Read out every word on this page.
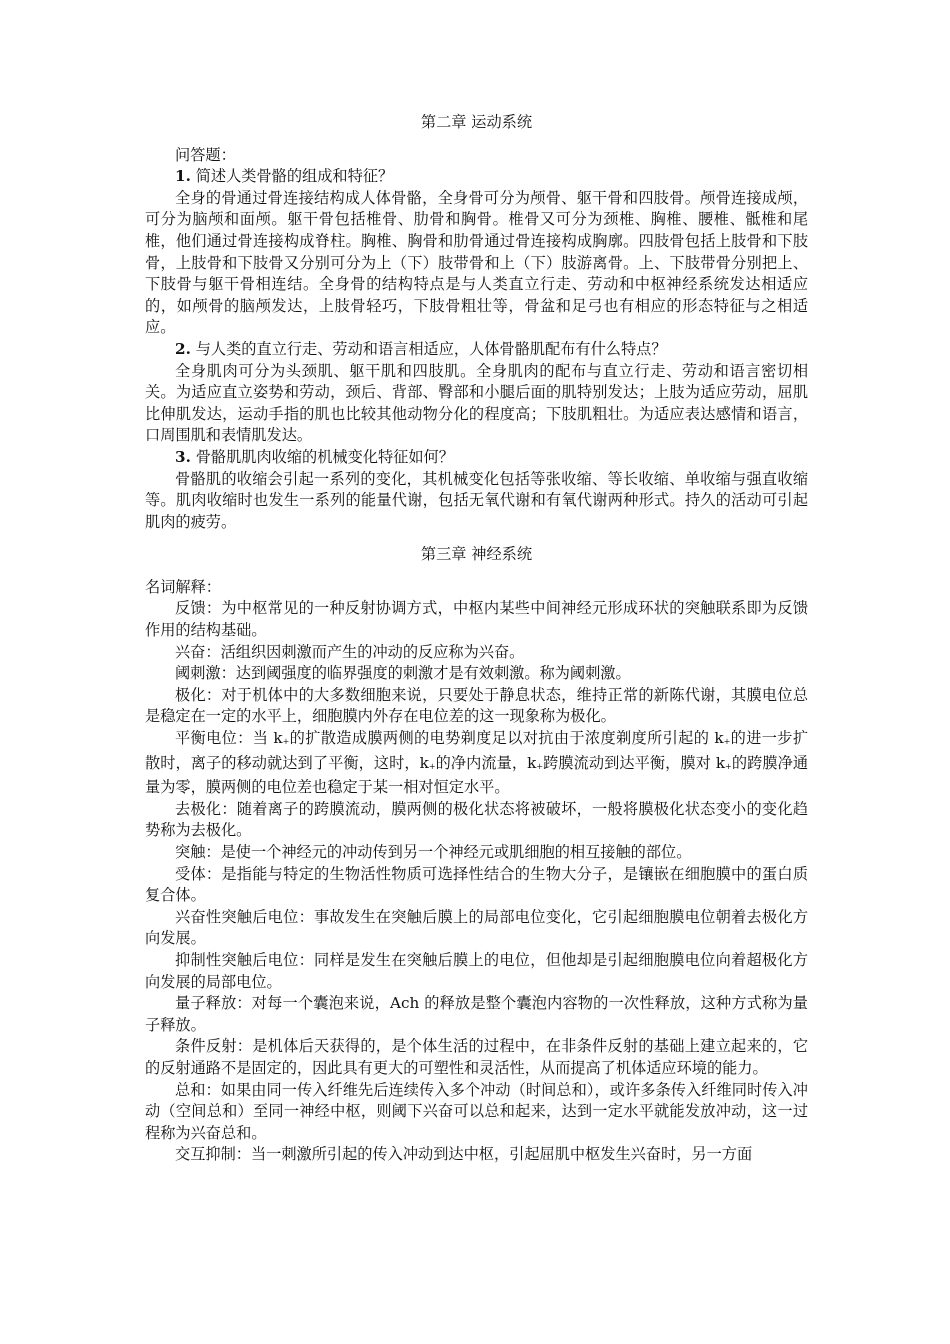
第二章 运动系统

问答题：

1. 简述人类骨骼的组成和特征？

全身的骨通过骨连接结构成人体骨骼，全身骨可分为颅骨、躯干骨和四肢骨。颅骨连接成颅，可分为脑颅和面颅。躯干骨包括椎骨、肋骨和胸骨。椎骨又可分为颈椎、胸椎、腰椎、骶椎和尾椎，他们通过骨连接构成脊柱。胸椎、胸骨和肋骨通过骨连接构成胸廓。四肢骨包括上肢骨和下肢骨，上肢骨和下肢骨又分别可分为上（下）肢带骨和上（下）肢游离骨。上、下肢带骨分别把上、下肢骨与躯干骨相连结。全身骨的结构特点是与人类直立行走、劳动和中枢神经系统发达相适应的，如颅骨的脑颅发达，上肢骨轻巧，下肢骨粗壮等，骨盆和足弓也有相应的形态特征与之相适应。

2. 与人类的直立行走、劳动和语言相适应，人体骨骼肌配布有什么特点？

全身肌肉可分为头颈肌、躯干肌和四肢肌。全身肌肉的配布与直立行走、劳动和语言密切相关。为适应直立姿势和劳动，颈后、背部、臀部和小腿后面的肌特别发达；上肢为适应劳动，屈肌比伸肌发达，运动手指的肌也比较其他动物分化的程度高；下肢肌粗壮。为适应表达感情和语言，口周围肌和表情肌发达。

3. 骨骼肌肌肉收缩的机械变化特征如何？

骨骼肌的收缩会引起一系列的变化，其机械变化包括等张收缩、等长收缩、单收缩与强直收缩等。肌肉收缩时也发生一系列的能量代谢，包括无氧代谢和有氧代谢两种形式。持久的活动可引起肌肉的疲劳。

第三章 神经系统

名词解释：

反馈：为中枢常见的一种反射协调方式，中枢内某些中间神经元形成环状的突触联系即为反馈作用的结构基础。

兴奋：活组织因刺激而产生的冲动的反应称为兴奋。

阈刺激：达到阈强度的临界强度的刺激才是有效刺激。称为阈刺激。

极化：对于机体中的大多数细胞来说，只要处于静息状态，维持正常的新陈代谢，其膜电位总是稳定在一定的水平上，细胞膜内外存在电位差的这一现象称为极化。

平衡电位：当 $k_+$的扩散造成膜两侧的电势剃度足以对抗由于浓度剃度所引起的 $k_+$的进一步扩散时，离子的移动就达到了平衡，这时，$k_+$的净内流量，$k_+$跨膜流动到达平衡，膜对 $k_+$的跨膜净通量为零，膜两侧的电位差也稳定于某一相对恒定水平。

去极化：随着离子的跨膜流动，膜两侧的极化状态将被破坏，一般将膜极化状态变小的变化趋势称为去极化。

突触：是使一个神经元的冲动传到另一个神经元或肌细胞的相互接触的部位。

受体：是指能与特定的生物活性物质可选择性结合的生物大分子，是镶嵌在细胞膜中的蛋白质复合体。

兴奋性突触后电位：事故发生在突触后膜上的局部电位变化，它引起细胞膜电位朝着去极化方向发展。

抑制性突触后电位：同样是发生在突触后膜上的电位，但他却是引起细胞膜电位向着超极化方向发展的局部电位。

量子释放：对每一个囊泡来说，Ach 的释放是整个囊泡内容物的一次性释放，这种方式称为量子释放。

条件反射：是机体后天获得的，是个体生活的过程中，在非条件反射的基础上建立起来的，它的反射通路不是固定的，因此具有更大的可塑性和灵活性，从而提高了机体适应环境的能力。

总和：如果由同一传入纤维先后连续传入多个冲动（时间总和），或许多条传入纤维同时传入冲动（空间总和）至同一神经中枢，则阈下兴奋可以总和起来，达到一定水平就能发放冲动，这一过程称为兴奋总和。

交互抑制：当一刺激所引起的传入冲动到达中枢，引起屈肌中枢发生兴奋时，另一方面
